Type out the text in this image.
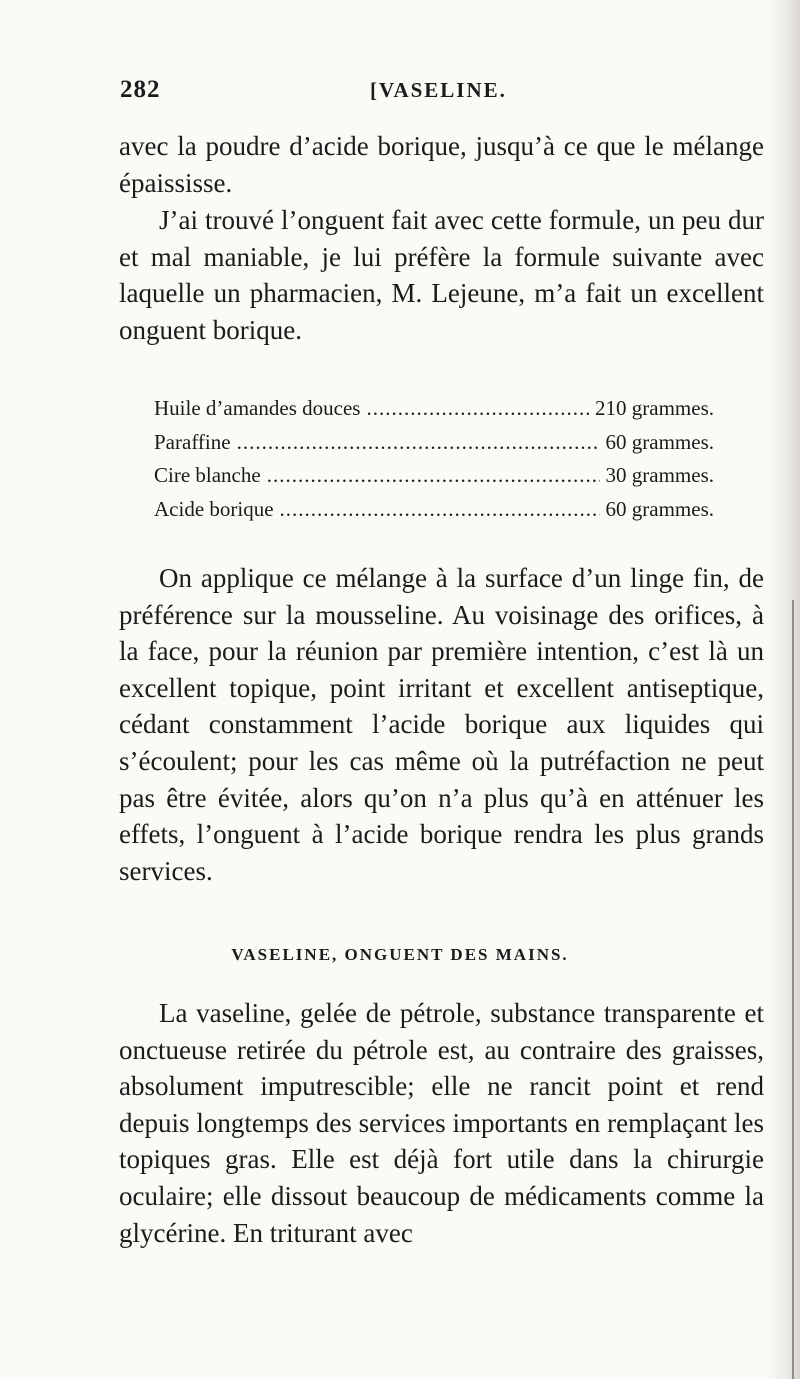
282	[VASELINE.

avec la poudre d’acide borique, jusqu’à ce que le mélange épaississe.

J’ai trouvé l’onguent fait avec cette formule, un peu dur et mal maniable, je lui préfère la formule suivante avec laquelle un pharmacien, M. Lejeune, m’a fait un excellent onguent borique.

Huile d’amandes douces .....	210 grammes.
Paraffine .....	60 grammes.
Cire blanche .....	30 grammes.
Acide borique .....	60 grammes.

On applique ce mélange à la surface d’un linge fin, de préférence sur la mousseline. Au voisinage des orifices, à la face, pour la réunion par première intention, c’est là un excellent topique, point irritant et excellent antiseptique, cédant constamment l’acide borique aux liquides qui s’écoulent; pour les cas même où la putréfaction ne peut pas être évitée, alors qu’on n’a plus qu’à en atténuer les effets, l’onguent à l’acide borique rendra les plus grands services.

VASELINE, ONGUENT DES MAINS.

La vaseline, gelée de pétrole, substance transparente et onctueuse retirée du pétrole est, au contraire des graisses, absolument imputrescible; elle ne rancit point et rend depuis longtemps des services importants en remplaçant les topiques gras. Elle est déjà fort utile dans la chirurgie oculaire; elle dissout beaucoup de médicaments comme la glycérine. En triturant avec
